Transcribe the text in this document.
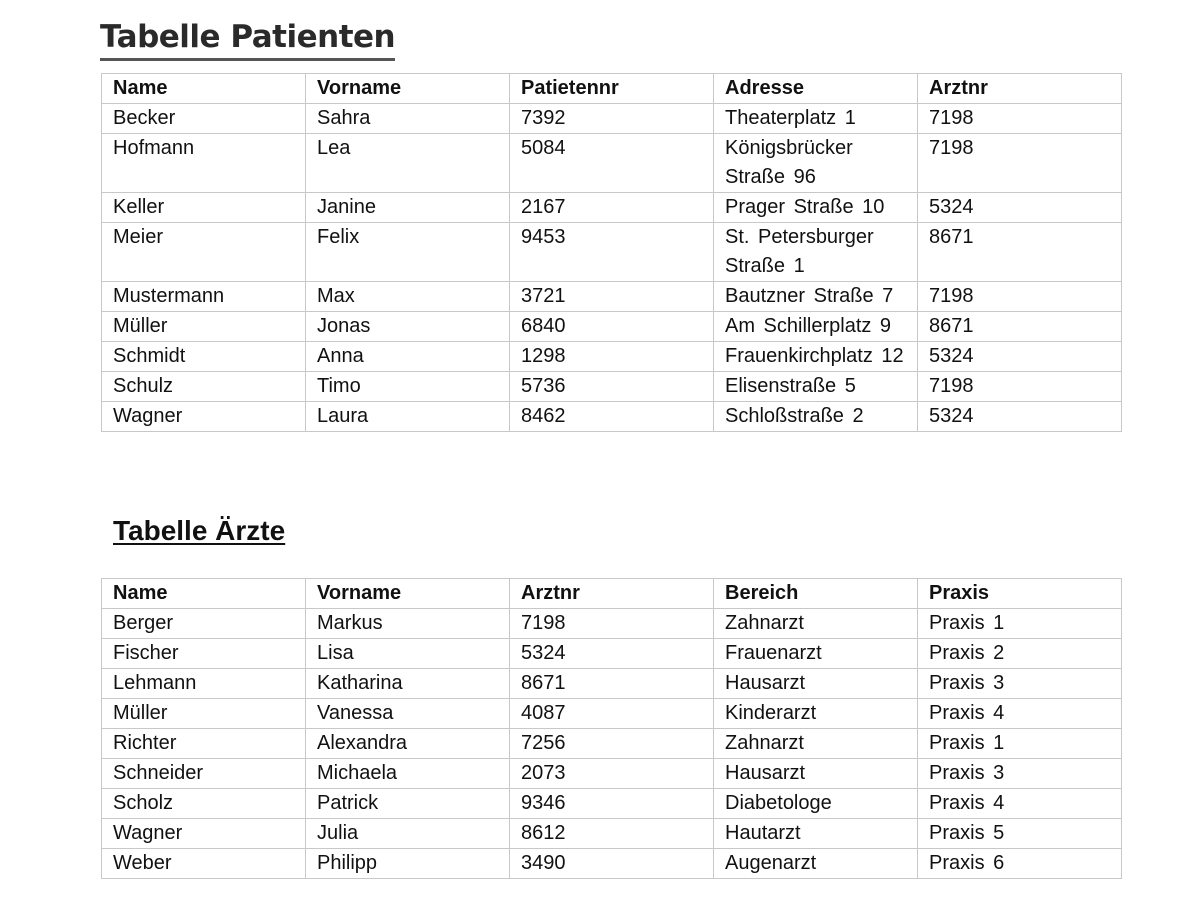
Tabelle Patienten
Name	Vorname	Patietennr	Adresse	Arztnr
Becker	Sahra	7392	Theaterplatz 1	7198
Hofmann	Lea	5084	Königsbrücker Straße 96	7198
Keller	Janine	2167	Prager Straße 10	5324
Meier	Felix	9453	St. Petersburger Straße 1	8671
Mustermann	Max	3721	Bautzner Straße 7	7198
Müller	Jonas	6840	Am Schillerplatz 9	8671
Schmidt	Anna	1298	Frauenkirchplatz 12	5324
Schulz	Timo	5736	Elisenstraße 5	7198
Wagner	Laura	8462	Schloßstraße 2	5324
Tabelle Ärzte
Name	Vorname	Arztnr	Bereich	Praxis
Berger	Markus	7198	Zahnarzt	Praxis 1
Fischer	Lisa	5324	Frauenarzt	Praxis 2
Lehmann	Katharina	8671	Hausarzt	Praxis 3
Müller	Vanessa	4087	Kinderarzt	Praxis 4
Richter	Alexandra	7256	Zahnarzt	Praxis 1
Schneider	Michaela	2073	Hausarzt	Praxis 3
Scholz	Patrick	9346	Diabetologe	Praxis 4
Wagner	Julia	8612	Hautarzt	Praxis 5
Weber	Philipp	3490	Augenarzt	Praxis 6
